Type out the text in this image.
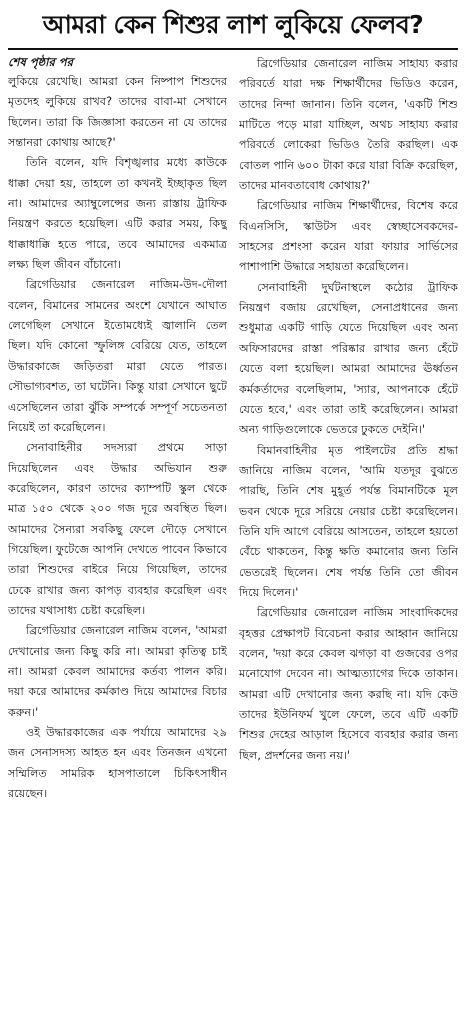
আমরা কেন শিশুর লাশ লুকিয়ে ফেলব?
শেষ পৃষ্ঠার পর

লুকিয়ে রেখেছি। আমরা কেন নিষ্পাপ শিশুদের মৃতদেহ লুকিয়ে রাখব? তাদের বাবা-মা সেখানে ছিলেন। তারা কি জিজ্ঞাসা করতেন না যে তাদের সন্তানরা কোথায় আছে?'

তিনি বলেন, যদি বিশৃঙ্খলার মধ্যে কাউকে ধাক্কা দেয়া হয়, তাহলে তা কখনই ইচ্ছাকৃত ছিল না। আমাদের অ্যাম্বুলেন্সের জন্য রাস্তায় ট্রাফিক নিয়ন্ত্রণ করতে হয়েছিল। এটি করার সময়, কিছু ধাক্কাধাক্কি হতে পারে, তবে আমাদের একমাত্র লক্ষ্য ছিল জীবন বাঁচানো।

ব্রিগেডিয়ার জেনারেল নাজিম-উদ-দৌলা বলেন, বিমানের সামনের অংশে যেখানে আঘাত লেগেছিল সেখানে ইতোমধ্যেই জ্বালানি তেল ছিল। যদি কোনো স্ফুলিঙ্গ বেরিয়ে যেত, তাহলে উদ্ধারকাজে জড়িতরা মারা যেতে পারত। সৌভাগ্যবশত, তা ঘটেনি। কিন্তু যারা সেখানে ছুটে এসেছিলেন তারা ঝুঁকি সম্পর্কে সম্পূর্ণ সচেতনতা নিয়েই তা করেছিলেন।

সেনাবাহিনীর সদস্যরা প্রথমে সাড়া দিয়েছিলেন এবং উদ্ধার অভিযান শুরু করেছিলেন, কারণ তাদের ক্যাম্পটি স্কুল থেকে মাত্র ১৫০ থেকে ২০০ গজ দূরে অবস্থিত ছিল। আমাদের সৈন্যরা সবকিছু ফেলে দৌড়ে সেখানে গিয়েছিল। ফুটেজে আপনি দেখতে পাবেন কিভাবে তারা শিশুদের বাইরে নিয়ে গিয়েছিল, তাদের ঢেকে রাখার জন্য কাপড় ব্যবহার করেছিল এবং তাদের যথাসাধ্য চেষ্টা করেছিল।

ব্রিগেডিয়ার জেনারেল নাজিম বলেন, 'আমরা দেখানোর জন্য কিছু করি না। আমরা কৃতিত্ব চাই না। আমরা কেবল আমাদের কর্তব্য পালন করি। দয়া করে আমাদের কর্মকাণ্ড দিয়ে আমাদের বিচার করুন।'

ওই উদ্ধারকাজের এক পর্যায়ে আমাদের ২৯ জন সেনাসদস্য আহত হন এবং তিনজন এখনো সম্মিলিত সামরিক হাসপাতালে চিকিৎসাধীন রয়েছেন।

ব্রিগেডিয়ার জেনারেল নাজিম সাহায্য করার পরিবর্তে যারা দক্ষ শিক্ষার্থীদের ভিডিও করেন, তাদের নিন্দা জানান। তিনি বলেন, 'একটি শিশু মাটিতে পড়ে মারা যাচ্ছিল, অথচ সাহায্য করার পরিবর্তে লোকেরা ভিডিও তৈরি করছিল। এক বোতল পানি ৬০০ টাকা করে যারা বিক্রি করেছিল, তাদের মানবতাবোধ কোথায়?'

ব্রিগেডিয়ার নাজিম শিক্ষার্থীদের, বিশেষ করে বিএনসিসি, স্কাউটস এবং স্বেচ্ছাসেবকদের- সাহসের প্রশংসা করেন যারা ফায়ার সার্ভিসের পাশাপাশি উদ্ধারে সহায়তা করেছিলেন।

সেনাবাহিনী দুর্ঘটনাস্থলে কঠোর ট্রাফিক নিয়ন্ত্রণ বজায় রেখেছিল, সেনাপ্রধানের জন্য শুধুমাত্র একটি গাড়ি যেতে দিয়েছিল এবং অন্য অফিসারদের রাস্তা পরিষ্কার রাখার জন্য হেঁটে যেতে বলা হয়েছিল। আমরা আমাদের ঊর্ধ্বতন কর্মকর্তাদের বলেছিলাম, 'স্যার, আপনাকে হেঁটে যেতে হবে,' এবং তারা তাই করেছিলেন। আমরা অন্য গাড়িগুলোকে ভেতরে ঢুকতে দেইনি।'

বিমানবাহিনীর মৃত পাইলটের প্রতি শ্রদ্ধা জানিয়ে নাজিম বলেন, 'আমি যতদূর বুঝতে পারছি, তিনি শেষ মুহূর্ত পর্যন্ত বিমানটিকে মূল ভবন থেকে দূরে সরিয়ে নেয়ার চেষ্টা করেছিলেন। তিনি যদি আগে বেরিয়ে আসতেন, তাহলে হয়তো বেঁচে থাকতেন, কিন্তু ক্ষতি কমানোর জন্য তিনি ভেতরেই ছিলেন। শেষ পর্যন্ত তিনি তো জীবন দিয়ে দিলেন।'

ব্রিগেডিয়ার জেনারেল নাজিম সাংবাদিকদের বৃহত্তর প্রেক্ষাপট বিবেচনা করার আহ্বান জানিয়ে বলেন, 'দয়া করে কেবল ঝগড়া বা গুজবের ওপর মনোযোগ দেবেন না। আত্মত্যাগের দিকে তাকান। আমরা এটি দেখানোর জন্য করছি না। যদি কেউ তাদের ইউনিফর্ম খুলে ফেলে, তবে এটি একটি শিশুর দেহের আড়াল হিসেবে ব্যবহার করার জন্য ছিল, প্রদর্শনের জন্য নয়।'
